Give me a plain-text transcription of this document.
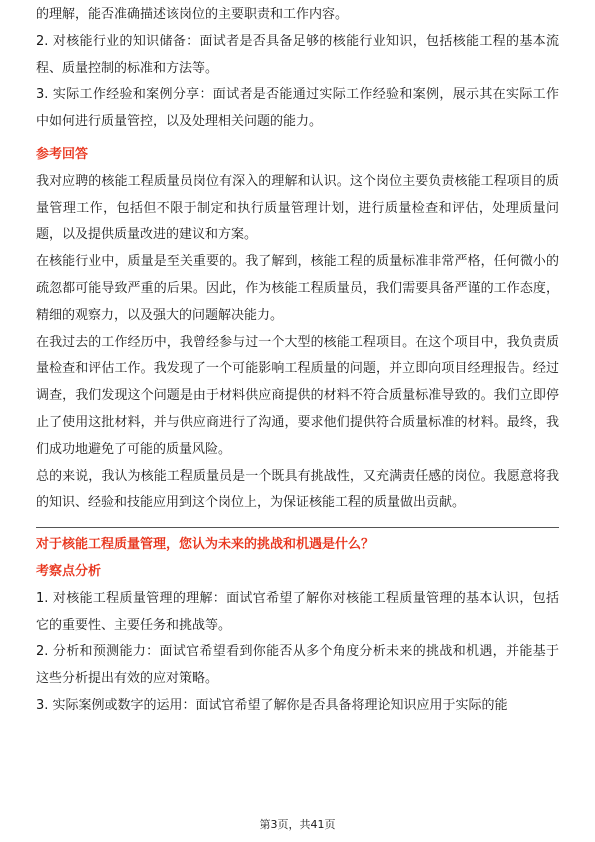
的理解，能否准确描述该岗位的主要职责和工作内容。

2. 对核能行业的知识储备：面试者是否具备足够的核能行业知识，包括核能工程的基本流程、质量控制的标准和方法等。

3. 实际工作经验和案例分享：面试者是否能通过实际工作经验和案例，展示其在实际工作中如何进行质量管控，以及处理相关问题的能力。

参考回答

我对应聘的核能工程质量员岗位有深入的理解和认识。这个岗位主要负责核能工程项目的质量管理工作，包括但不限于制定和执行质量管理计划，进行质量检查和评估，处理质量问题，以及提供质量改进的建议和方案。

在核能行业中，质量是至关重要的。我了解到，核能工程的质量标准非常严格，任何微小的疏忽都可能导致严重的后果。因此，作为核能工程质量员，我们需要具备严谨的工作态度，精细的观察力，以及强大的问题解决能力。

在我过去的工作经历中，我曾经参与过一个大型的核能工程项目。在这个项目中，我负责质量检查和评估工作。我发现了一个可能影响工程质量的问题，并立即向项目经理报告。经过调查，我们发现这个问题是由于材料供应商提供的材料不符合质量标准导致的。我们立即停止了使用这批材料，并与供应商进行了沟通，要求他们提供符合质量标准的材料。最终，我们成功地避免了可能的质量风险。

总的来说，我认为核能工程质量员是一个既具有挑战性，又充满责任感的岗位。我愿意将我的知识、经验和技能应用到这个岗位上，为保证核能工程的质量做出贡献。

对于核能工程质量管理，您认为未来的挑战和机遇是什么？

考察点分析

1. 对核能工程质量管理的理解：面试官希望了解你对核能工程质量管理的基本认识，包括它的重要性、主要任务和挑战等。

2. 分析和预测能力：面试官希望看到你能否从多个角度分析未来的挑战和机遇，并能基于这些分析提出有效的应对策略。

3. 实际案例或数字的运用：面试官希望了解你是否具备将理论知识应用于实际的能

第3页，共41页
